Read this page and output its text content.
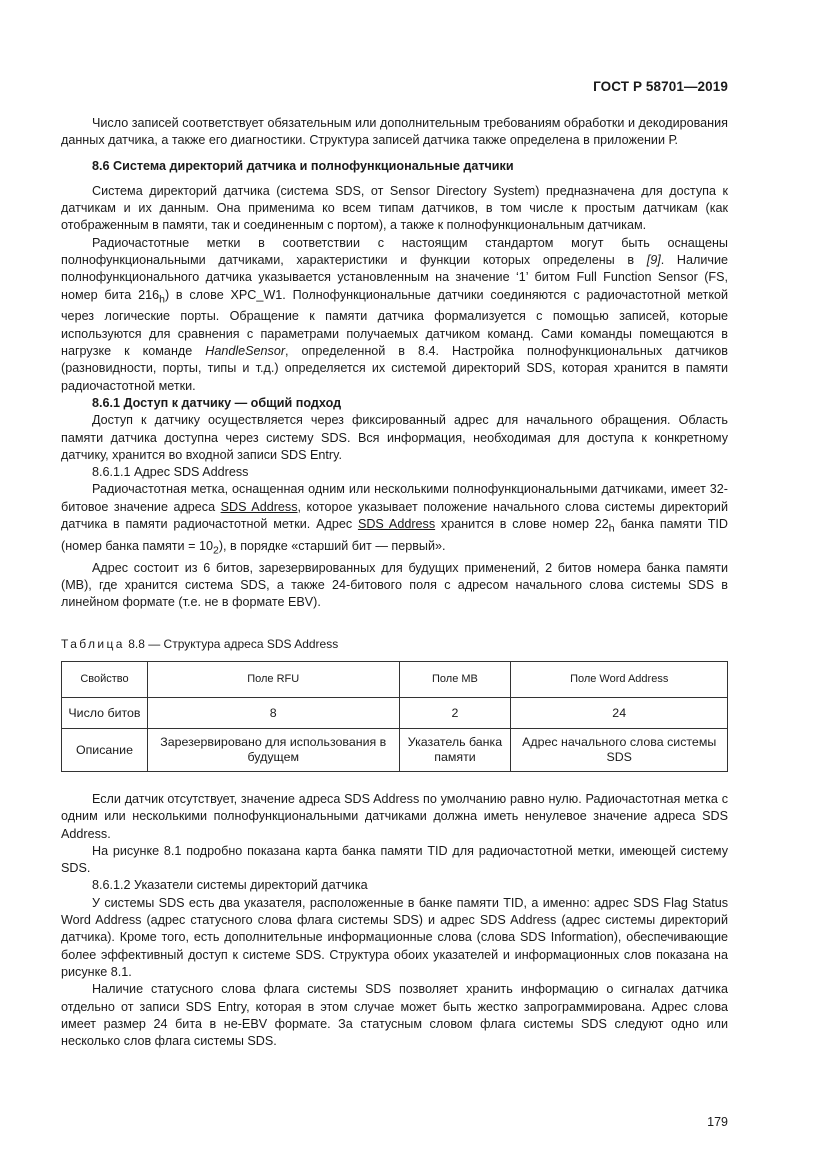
ГОСТ Р 58701—2019

Число записей соответствует обязательным или дополнительным требованиям обработки и декодирования данных датчика, а также его диагностики. Структура записей датчика также определена в приложении Р.

8.6 Система директорий датчика и полнофункциональные датчики

Система директорий датчика (система SDS, от Sensor Directory System) предназначена для доступа к датчикам и их данным. Она применима ко всем типам датчиков, в том числе к простым датчикам (как отображенным в памяти, так и соединенным с портом), а также к полнофункциональным датчикам.

Радиочастотные метки в соответствии с настоящим стандартом могут быть оснащены полнофункциональными датчиками, характеристики и функции которых определены в [9]. Наличие полнофункционального датчика указывается установленным на значение ‘1’ битом Full Function Sensor (FS, номер бита $216_h$) в слове XPC_W1. Полнофункциональные датчики соединяются с радиочастотной меткой через логические порты. Обращение к памяти датчика формализуется с помощью записей, которые используются для сравнения с параметрами получаемых датчиком команд. Сами команды помещаются в нагрузке к команде HandleSensor, определенной в 8.4. Настройка полнофункциональных датчиков (разновидности, порты, типы и т.д.) определяется их системой директорий SDS, которая хранится в памяти радиочастотной метки.

8.6.1 Доступ к датчику — общий подход

Доступ к датчику осуществляется через фиксированный адрес для начального обращения. Область памяти датчика доступна через систему SDS. Вся информация, необходимая для доступа к конкретному датчику, хранится во входной записи SDS Entry.

8.6.1.1 Адрес SDS Address

Радиочастотная метка, оснащенная одним или несколькими полнофункциональными датчиками, имеет 32-битовое значение адреса SDS Address, которое указывает положение начального слова системы директорий датчика в памяти радиочастотной метки. Адрес SDS Address хранится в слове номер $22_h$ банка памяти TID (номер банка памяти = $10_2$), в порядке «старший бит — первый».

Адрес состоит из 6 битов, зарезервированных для будущих применений, 2 битов номера банка памяти (MB), где хранится система SDS, а также 24-битового поля с адресом начального слова системы SDS в линейном формате (т.е. не в формате EBV).

Таблица 8.8 — Структура адреса SDS Address
Свойство	Поле RFU	Поле MB	Поле Word Address
Число битов	8	2	24
Описание	Зарезервировано для использования в будущем	Указатель банка памяти	Адрес начального слова системы SDS

Если датчик отсутствует, значение адреса SDS Address по умолчанию равно нулю. Радиочастотная метка с одним или несколькими полнофункциональными датчиками должна иметь ненулевое значение адреса SDS Address.

На рисунке 8.1 подробно показана карта банка памяти TID для радиочастотной метки, имеющей систему SDS.

8.6.1.2 Указатели системы директорий датчика

У системы SDS есть два указателя, расположенные в банке памяти TID, а именно: адрес SDS Flag Status Word Address (адрес статусного слова флага системы SDS) и адрес SDS Address (адрес системы директорий датчика). Кроме того, есть дополнительные информационные слова (слова SDS Information), обеспечивающие более эффективный доступ к системе SDS. Структура обоих указателей и информационных слов показана на рисунке 8.1.

Наличие статусного слова флага системы SDS позволяет хранить информацию о сигналах датчика отдельно от записи SDS Entry, которая в этом случае может быть жестко запрограммирована. Адрес слова имеет размер 24 бита в не-EBV формате. За статусным словом флага системы SDS следуют одно или несколько слов флага системы SDS.

179
